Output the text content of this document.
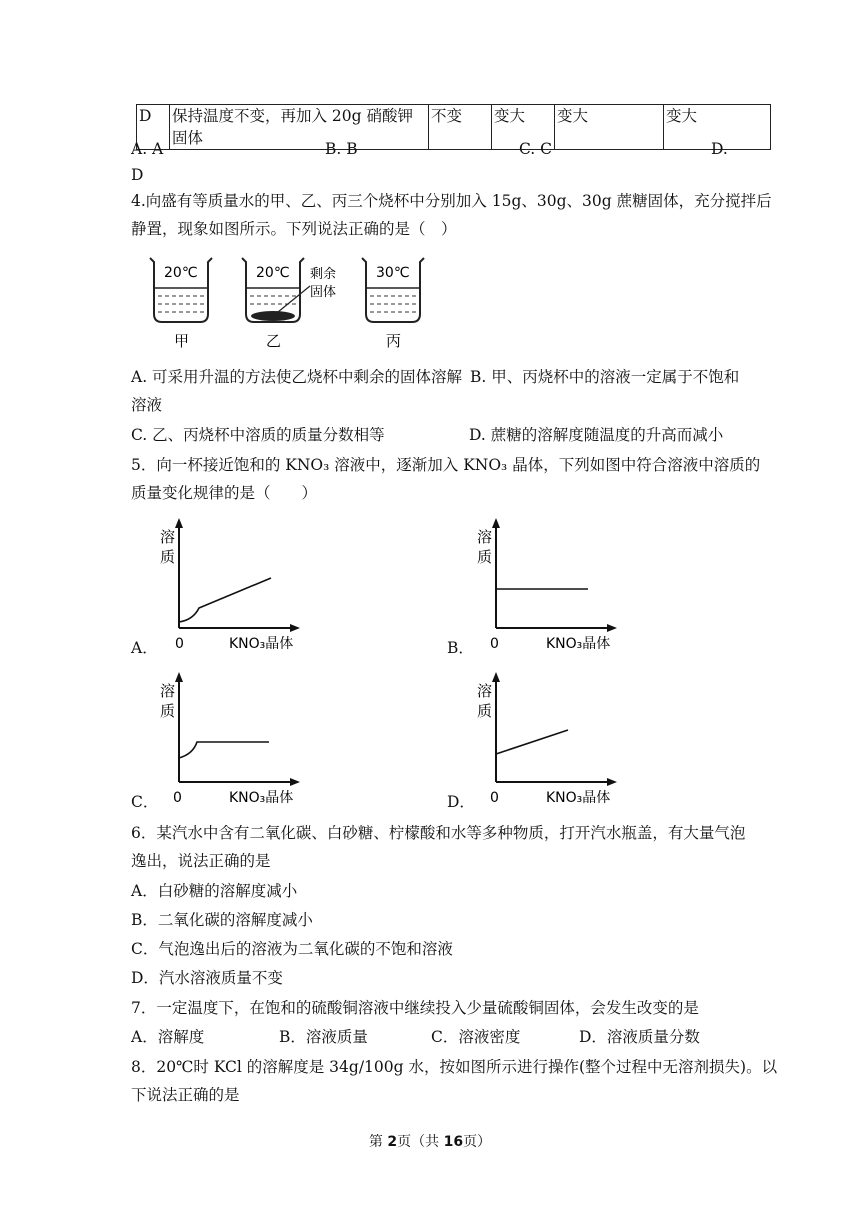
D	保持温度不变，再加入 20g 硝酸钾固体	不变	变大	变大	变大
A. A	B. B	C. C	D.
D
4.向盛有等质量水的甲、乙、丙三个烧杯中分别加入 15g、30g、30g 蔗糖固体，充分搅拌后
静置，现象如图所示。下列说法正确的是（　）
20℃
甲
20℃ 剩余
固体
乙
30℃
丙
A. 可采用升温的方法使乙烧杯中剩余的固体溶解 B. 甲、丙烧杯中的溶液一定属于不饱和
溶液
C. 乙、丙烧杯中溶质的质量分数相等	D. 蔗糖的溶解度随温度的升高而减小
5．向一杯接近饱和的 KNO₃ 溶液中，逐渐加入 KNO₃ 晶体，下列如图中符合溶液中溶质的
质量变化规律的是（　　）
A．
溶
质
0	KNO₃晶体	B．
溶
质
0	KNO₃晶体
C．
溶
质
0	KNO₃晶体	D．
溶
质
0	KNO₃晶体
6．某汽水中含有二氧化碳、白砂糖、柠檬酸和水等多种物质，打开汽水瓶盖，有大量气泡
逸出，说法正确的是
A．白砂糖的溶解度减小
B．二氧化碳的溶解度减小
C．气泡逸出后的溶液为二氧化碳的不饱和溶液
D．汽水溶液质量不变
7．一定温度下，在饱和的硫酸铜溶液中继续投入少量硫酸铜固体，会发生改变的是
A．溶解度	B．溶液质量	C．溶液密度	D．溶液质量分数
8．20℃时 KCl 的溶解度是 34g/100g 水，按如图所示进行操作(整个过程中无溶剂损失)。以
下说法正确的是
第 2页（共 16页）
